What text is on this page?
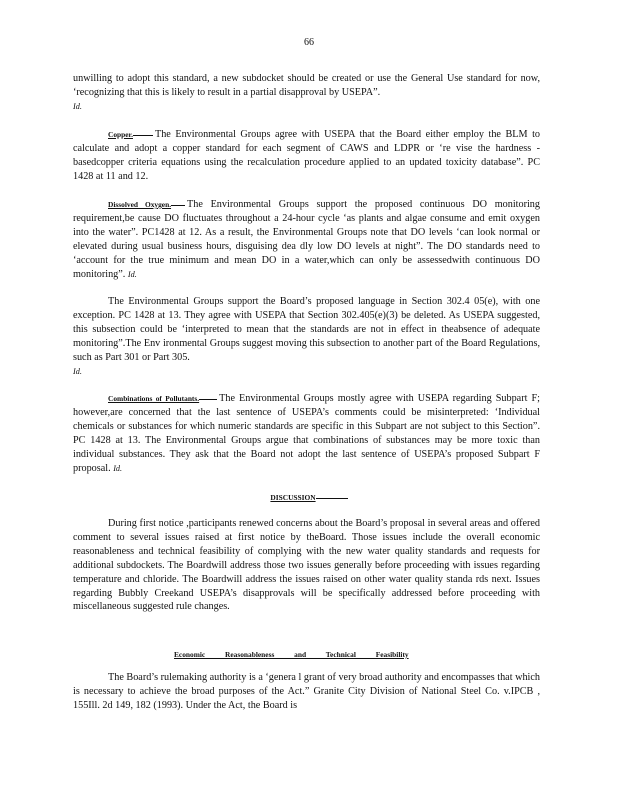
66

unwilling to adopt this standard, a new subdocket should be created or use the General Use standard for now, ‘recognizing that this is likely to result in a partial disapproval by USEPA”.
Id.

Copper. The Environmental Groups agree with USEPA that the Board either employ the BLM to calculate and adopt a copper standard for each segment of CAWS and LDPR or ‘re vise the hardness -basedcopper criteria equations using the recalculation procedure applied to an updated toxicity database”. PC 1428 at 11 and 12.

Dissolved Oxygen. The Environmental Groups support the proposed continuous DO monitoring requirement,be cause DO fluctuates throughout a 24-hour cycle ‘as plants and algae consume and emit oxygen into the water”. PC1428 at 12. As a result, the Environmental Groups note that DO levels ‘can look normal or elevated during usual business hours, disguising dea dly low DO levels at night”. The DO standards need to ‘account for the true minimum and mean DO in a water,which can only be assessedwith continuous DO monitoring”. Id.

The Environmental Groups support the Board’s proposed language in Section 302.4 05(e), with one exception. PC 1428 at 13. They agree with USEPA that Section 302.405(e)(3) be deleted. As USEPA suggested, this subsection could be ‘interpreted to mean that the standards are not in effect in theabsence of adequate monitoring”.The Env ironmental Groups suggest moving this subsection to another part of the Board Regulations, such as Part 301 or Part 305.
Id.

Combinations of Pollutants. The Environmental Groups mostly agree with USEPA regarding Subpart F; however,are concerned that the last sentence of USEPA’s comments could be misinterpreted: ‘Individual chemicals or substances for which numeric standards are specific in this Subpart are not subject to this Section”. PC 1428 at 13. The Environmental Groups argue that combinations of substances may be more toxic than individual substances. They ask that the Board not adopt the last sentence of USEPA’s proposed Subpart F proposal. Id.

DISCUSSION

During first notice ,participants renewed concerns about the Board’s proposal in several areas and offered comment to several issues raised at first notice by theBoard. Those issues include the overall economic reasonableness and technical feasibility of complying with the new water quality standards and requests for additional subdockets. The Boardwill address those two issues generally before proceeding with issues regarding temperature and chloride. The Boardwill address the issues raised on other water quality standa rds next. Issues regarding Bubbly Creekand USEPA’s disapprovals will be specifically addressed before proceeding with miscellaneous suggested rule changes.

Economic Reasonableness and Technical Feasibility

The Board’s rulemaking authority is a ‘genera l grant of very broad authority and encompasses that which is necessary to achieve the broad purposes of the Act.” Granite City Division of National Steel Co. v.IPCB , 155Ill. 2d 149, 182 (1993). Under the Act, the Board is
